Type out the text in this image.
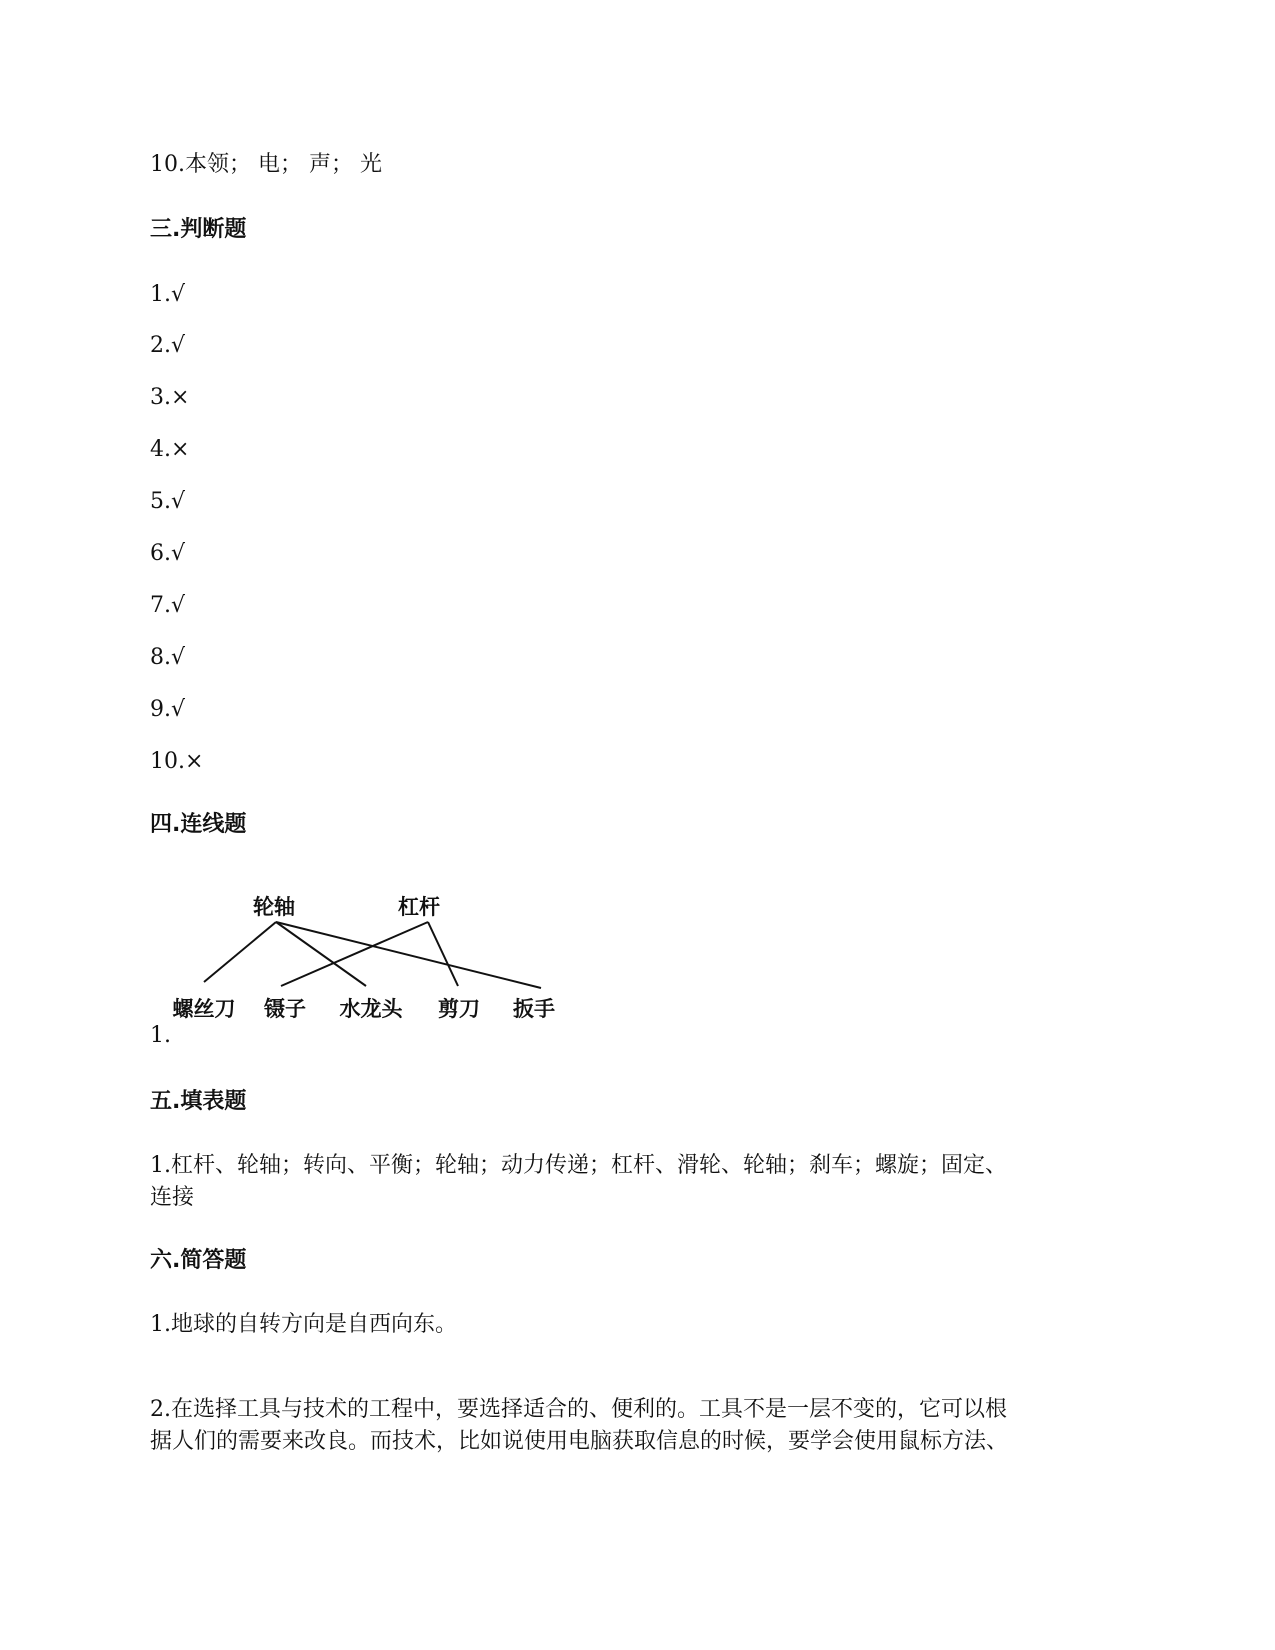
10.本领； 电； 声； 光
三.判断题
1.√
2.√
3.×
4.×
5.√
6.√
7.√
8.√
9.√
10.×
四.连线题
轮轴	杠杆
螺丝刀 镊子 水龙头 剪刀 扳手
1.
五.填表题
1.杠杆、轮轴；转向、平衡；轮轴；动力传递；杠杆、滑轮、轮轴；刹车；螺旋；固定、
连接
六.简答题
1.地球的自转方向是自西向东。
2.在选择工具与技术的工程中，要选择适合的、便利的。工具不是一层不变的，它可以根
据人们的需要来改良。而技术，比如说使用电脑获取信息的时候，要学会使用鼠标方法、
